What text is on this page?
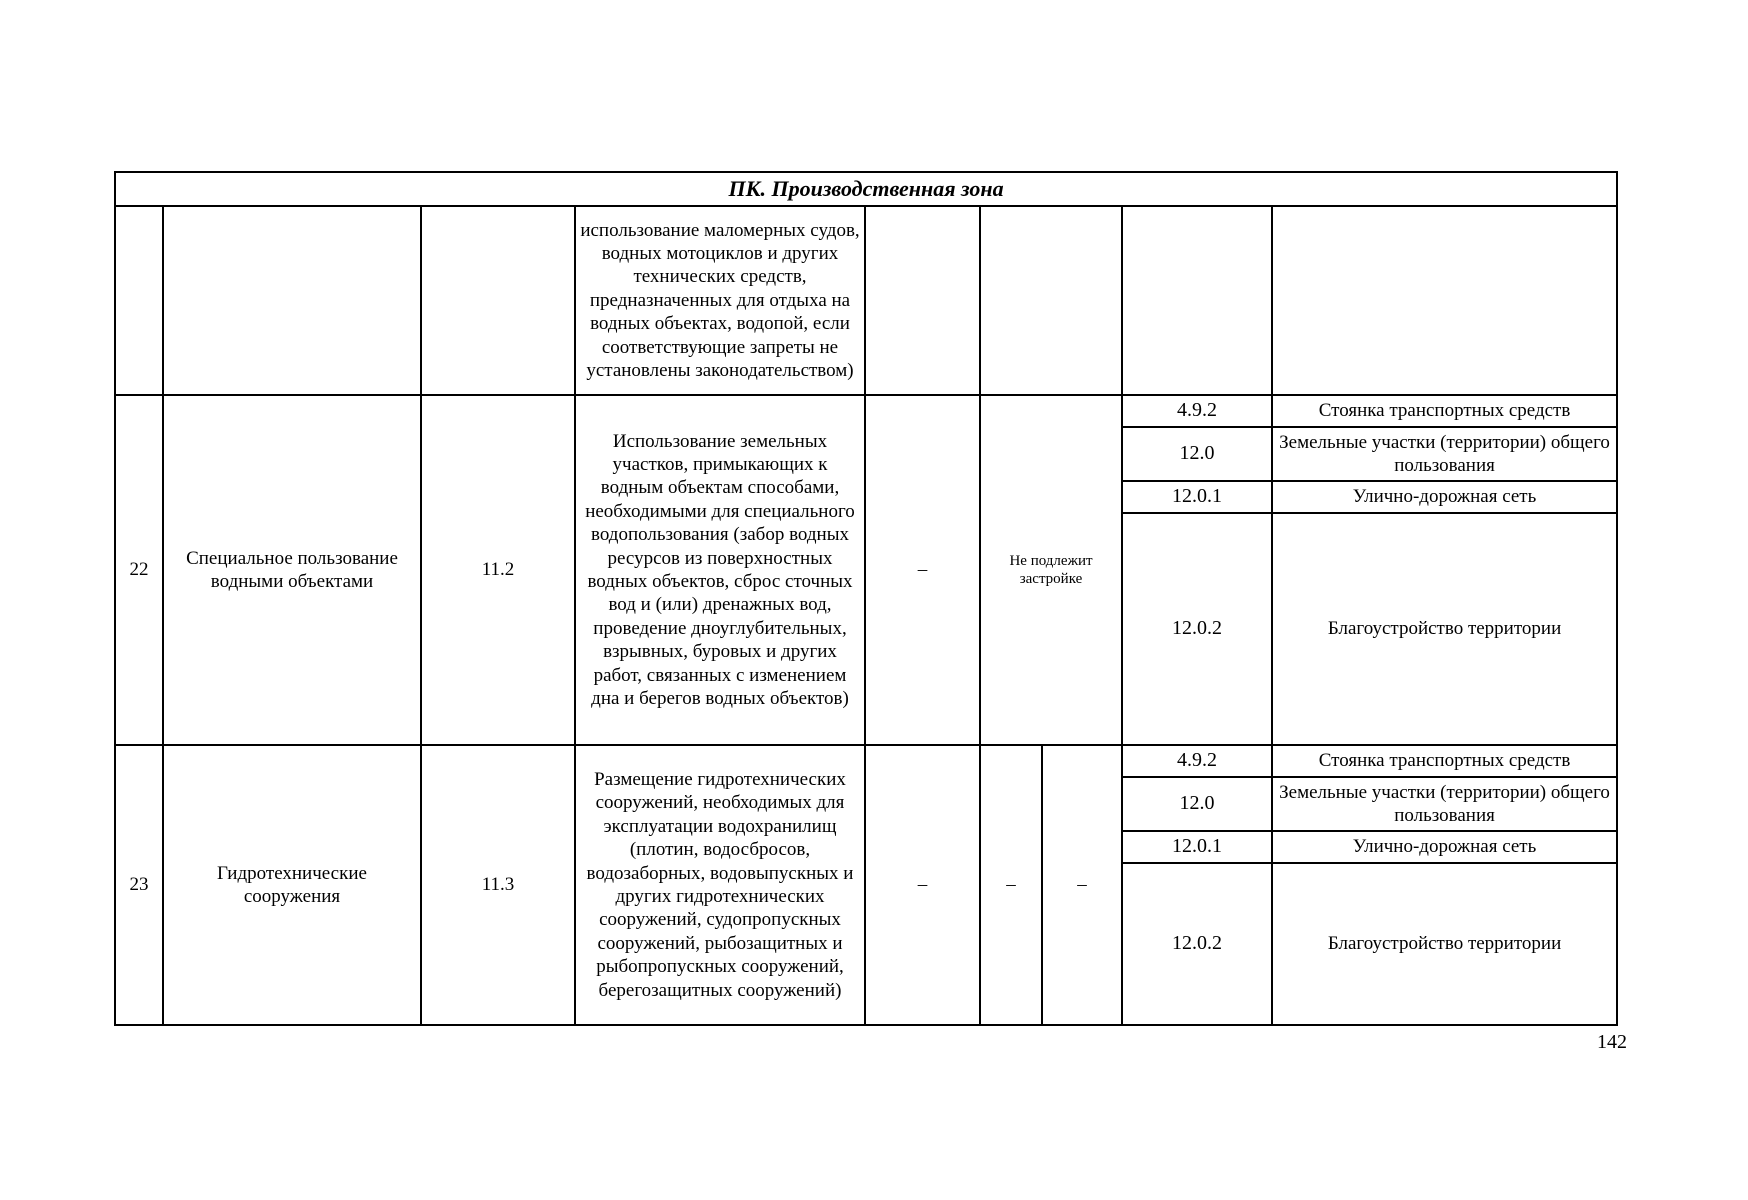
ПК. Производственная зона								
			использование маломерных судов, водных мотоциклов и других технических средств, предназначенных для отдыха на водных объектах, водопой, если соответствующие запреты не установлены законодательством)					
22	Специальное пользование водными объектами	11.2	Использование земельных участков, примыкающих к водным объектам способами, необходимыми для специального водопользования (забор водных ресурсов из поверхностных водных объектов, сброс сточных вод и (или) дренажных вод, проведение дноуглубительных, взрывных, буровых и других работ, связанных с изменением дна и берегов водных объектов)	–	Не подлежит застройке		4.9.2	Стоянка транспортных средств
							12.0	Земельные участки (территории) общего пользования
							12.0.1	Улично-дорожная сеть
							12.0.2	Благоустройство территории
23	Гидротехнические сооружения	11.3	Размещение гидротехнических сооружений, необходимых для эксплуатации водохранилищ (плотин, водосбросов, водозаборных, водовыпускных и других гидротехнических сооружений, судопропускных сооружений, рыбозащитных и рыбопропускных сооружений, берегозащитных сооружений)	–	–	–	4.9.2	Стоянка транспортных средств
							12.0	Земельные участки (территории) общего пользования
							12.0.1	Улично-дорожная сеть
							12.0.2	Благоустройство территории
142
